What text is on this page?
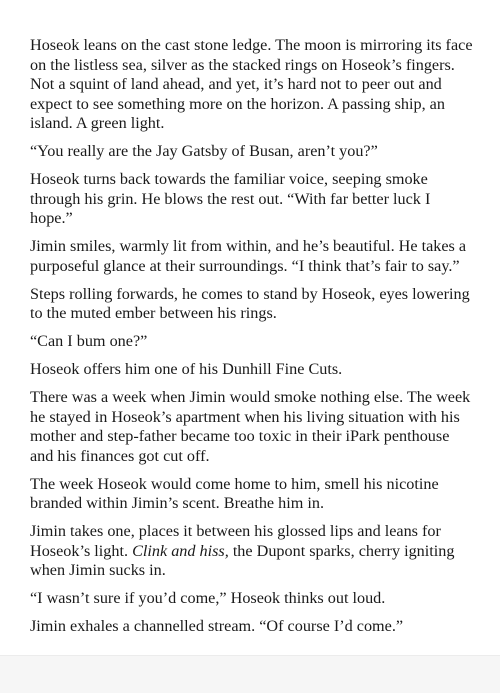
Hoseok leans on the cast stone ledge. The moon is mirroring its face on the listless sea, silver as the stacked rings on Hoseok’s fingers. Not a squint of land ahead, and yet, it’s hard not to peer out and expect to see something more on the horizon. A passing ship, an island. A green light.

“You really are the Jay Gatsby of Busan, aren’t you?”

Hoseok turns back towards the familiar voice, seeping smoke through his grin. He blows the rest out. “With far better luck I hope.”

Jimin smiles, warmly lit from within, and he’s beautiful. He takes a purposeful glance at their surroundings. “I think that’s fair to say.”

Steps rolling forwards, he comes to stand by Hoseok, eyes lowering to the muted ember between his rings.

“Can I bum one?”

Hoseok offers him one of his Dunhill Fine Cuts.

There was a week when Jimin would smoke nothing else. The week he stayed in Hoseok’s apartment when his living situation with his mother and step-father became too toxic in their iPark penthouse and his finances got cut off.

The week Hoseok would come home to him, smell his nicotine branded within Jimin’s scent. Breathe him in.

Jimin takes one, places it between his glossed lips and leans for Hoseok’s light. Clink and hiss, the Dupont sparks, cherry igniting when Jimin sucks in.

“I wasn’t sure if you’d come,” Hoseok thinks out loud.

Jimin exhales a channelled stream. “Of course I’d come.”
